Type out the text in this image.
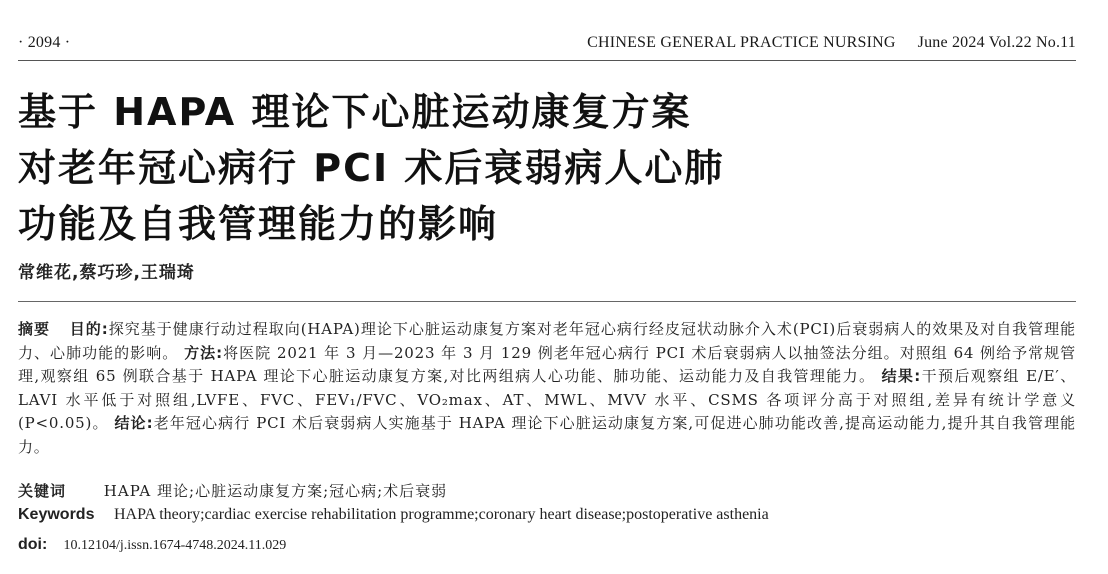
· 2094 ·	CHINESE GENERAL PRACTICE NURSING June 2024 Vol.22 No.11
基于 HAPA 理论下心脏运动康复方案
对老年冠心病行 PCI 术后衰弱病人心肺
功能及自我管理能力的影响
常维花,蔡巧珍,王瑞琦
摘要 目的:探究基于健康行动过程取向(HAPA)理论下心脏运动康复方案对老年冠心病行经皮冠状动脉介入术(PCI)后衰弱病人的效果及对自我管理能力、心肺功能的影响。 方法:将医院 2021 年 3 月—2023 年 3 月 129 例老年冠心病行 PCI 术后衰弱病人以抽签法分组。对照组 64 例给予常规管理,观察组 65 例联合基于 HAPA 理论下心脏运动康复方案,对比两组病人心功能、肺功能、运动能力及自我管理能力。 结果:干预后观察组 E/E′、LAVI 水平低于对照组,LVFE、FVC、FEV₁/FVC、VO₂max、AT、MWL、MVV 水平、CSMS 各项评分高于对照组,差异有统计学意义(P<0.05)。 结论:老年冠心病行 PCI 术后衰弱病人实施基于 HAPA 理论下心脏运动康复方案,可促进心肺功能改善,提高运动能力,提升其自我管理能力。
关键词	HAPA 理论;心脏运动康复方案;冠心病;术后衰弱
Keywords HAPA theory;cardiac exercise rehabilitation programme;coronary heart disease;postoperative asthenia
doi: 10.12104/j.issn.1674-4748.2024.11.029
